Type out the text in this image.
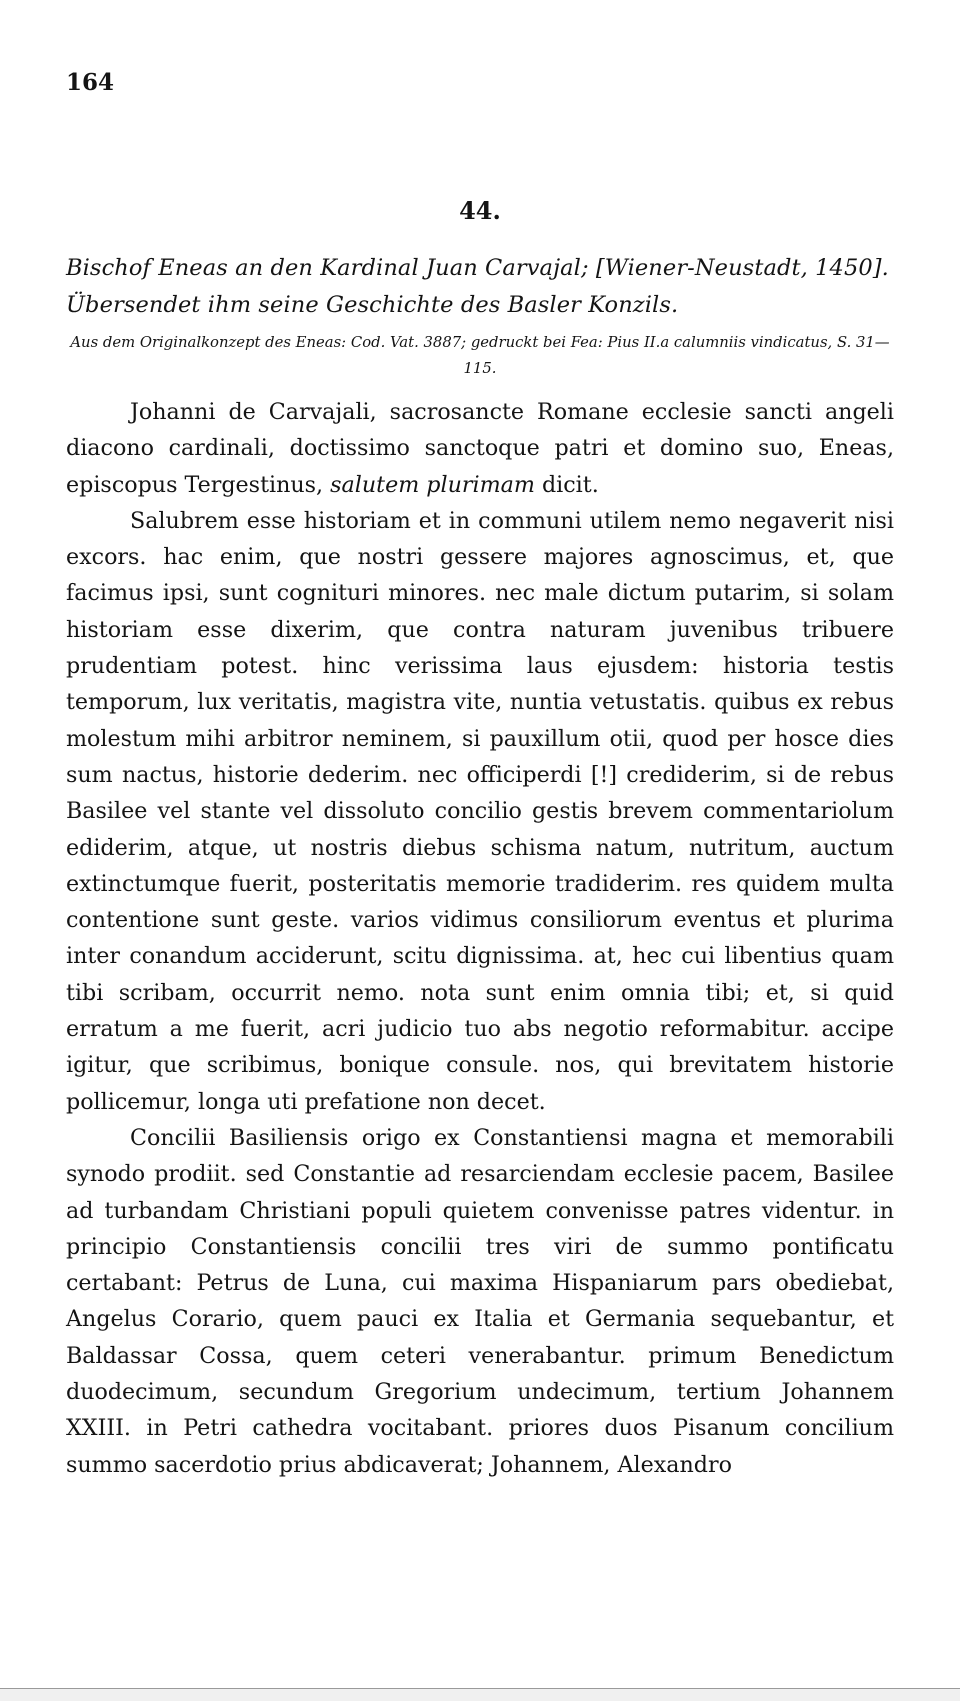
164
44.

Bischof Eneas an den Kardinal Juan Carvajal; [Wiener-Neustadt, 1450]. Übersendet ihm seine Geschichte des Basler Konzils.

Aus dem Originalkonzept des Eneas: Cod. Vat. 3887; gedruckt bei Fea: Pius II.a calumniis vindicatus, S. 31—115.

Johanni de Carvajali, sacrosancte Romane ecclesie sancti angeli diacono cardinali, doctissimo sanctoque patri et domino suo, Eneas, episcopus Tergestinus, salutem plurimam dicit.

Salubrem esse historiam et in communi utilem nemo negaverit nisi excors. hac enim, que nostri gessere majores agnoscimus, et, que facimus ipsi, sunt cognituri minores. nec male dictum putarim, si solam historiam esse dixerim, que contra naturam juvenibus tribuere prudentiam potest. hinc verissima laus ejusdem: historia testis temporum, lux veritatis, magistra vite, nuntia vetustatis. quibus ex rebus molestum mihi arbitror neminem, si pauxillum otii, quod per hosce dies sum nactus, historie dederim. nec officiperdi [!] crediderim, si de rebus Basilee vel stante vel dissoluto concilio gestis brevem commentariolum ediderim, atque, ut nostris diebus schisma natum, nutritum, auctum extinctumque fuerit, posteritatis memorie tradiderim. res quidem multa contentione sunt geste. varios vidimus consiliorum eventus et plurima inter conandum acciderunt, scitu dignissima. at, hec cui libentius quam tibi scribam, occurrit nemo. nota sunt enim omnia tibi; et, si quid erratum a me fuerit, acri judicio tuo abs negotio reformabitur. accipe igitur, que scribimus, bonique consule. nos, qui brevitatem historie pollicemur, longa uti prefatione non decet.

Concilii Basiliensis origo ex Constantiensi magna et memorabili synodo prodiit. sed Constantie ad resarciendam ecclesie pacem, Basilee ad turbandam Christiani populi quietem convenisse patres videntur. in principio Constantiensis concilii tres viri de summo pontificatu certabant: Petrus de Luna, cui maxima Hispaniarum pars obediebat, Angelus Corario, quem pauci ex Italia et Germania sequebantur, et Baldassar Cossa, quem ceteri venerabantur. primum Benedictum duodecimum, secundum Gregorium undecimum, tertium Johannem XXIII. in Petri cathedra vocitabant. priores duos Pisanum concilium summo sacerdotio prius abdicaverat; Johannem, Alexandro
